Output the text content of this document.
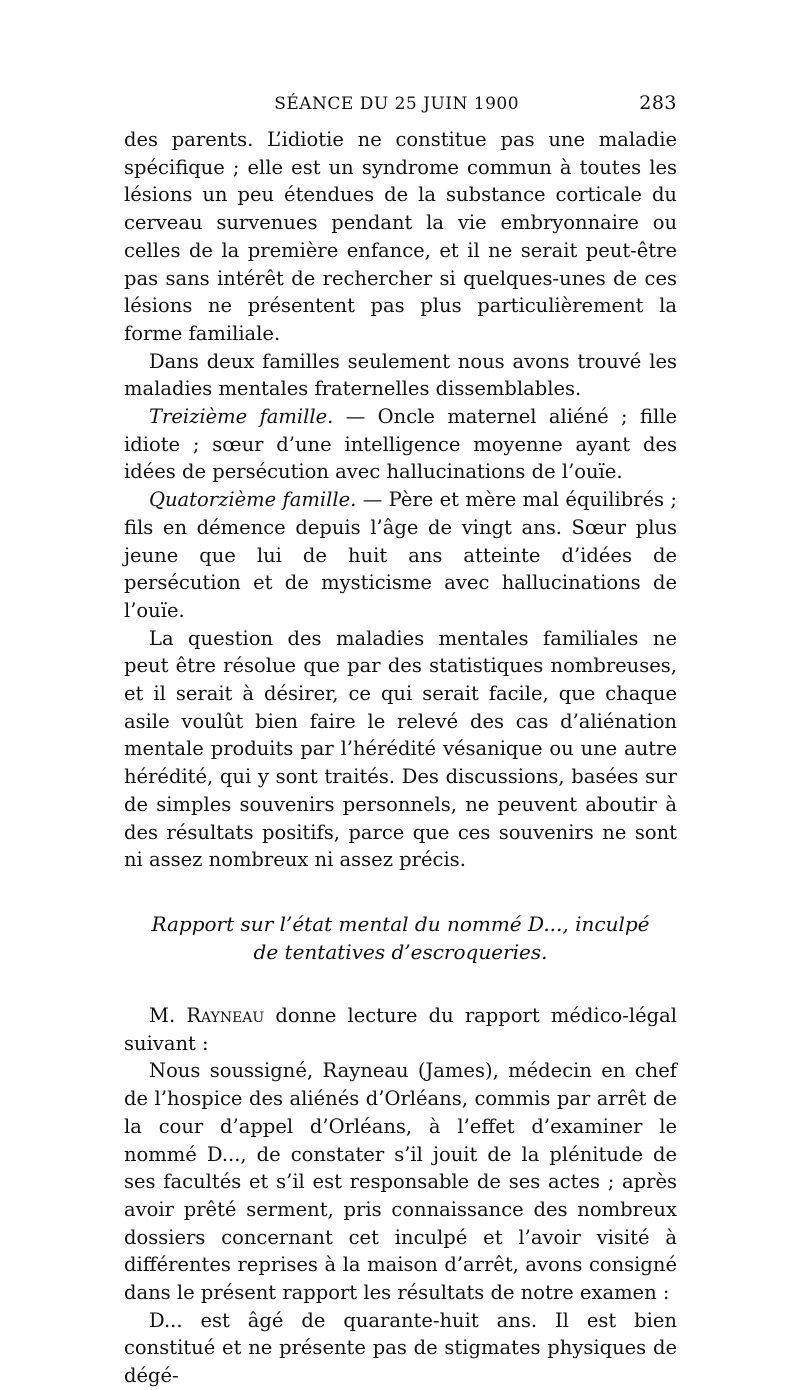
SÉANCE DU 25 JUIN 1900	283

des parents. L’idiotie ne constitue pas une maladie spécifique ; elle est un syndrome commun à toutes les lésions un peu étendues de la substance corticale du cerveau survenues pendant la vie embryonnaire ou celles de la première enfance, et il ne serait peut-être pas sans intérêt de rechercher si quelques-unes de ces lésions ne présentent pas plus particulièrement la forme familiale.

Dans deux familles seulement nous avons trouvé les maladies mentales fraternelles dissemblables.

Treizième famille. — Oncle maternel aliéné ; fille idiote ; sœur d’une intelligence moyenne ayant des idées de persécution avec hallucinations de l’ouïe.

Quatorzième famille. — Père et mère mal équilibrés ; fils en démence depuis l’âge de vingt ans. Sœur plus jeune que lui de huit ans atteinte d’idées de persécution et de mysticisme avec hallucinations de l’ouïe.

La question des maladies mentales familiales ne peut être résolue que par des statistiques nombreuses, et il serait à désirer, ce qui serait facile, que chaque asile voulût bien faire le relevé des cas d’aliénation mentale produits par l’hérédité vésanique ou une autre hérédité, qui y sont traités. Des discussions, basées sur de simples souvenirs personnels, ne peuvent aboutir à des résultats positifs, parce que ces souvenirs ne sont ni assez nombreux ni assez précis.

Rapport sur l’état mental du nommé D..., inculpé
de tentatives d’escroqueries.

M. Rayneau donne lecture du rapport médico-légal suivant :

Nous soussigné, Rayneau (James), médecin en chef de l’hospice des aliénés d’Orléans, commis par arrêt de la cour d’appel d’Orléans, à l’effet d’examiner le nommé D..., de constater s’il jouit de la plénitude de ses facultés et s’il est responsable de ses actes ; après avoir prêté serment, pris connaissance des nombreux dossiers concernant cet inculpé et l’avoir visité à différentes reprises à la maison d’arrêt, avons consigné dans le présent rapport les résultats de notre examen :

D... est âgé de quarante-huit ans. Il est bien constitué et ne présente pas de stigmates physiques de dégé-
